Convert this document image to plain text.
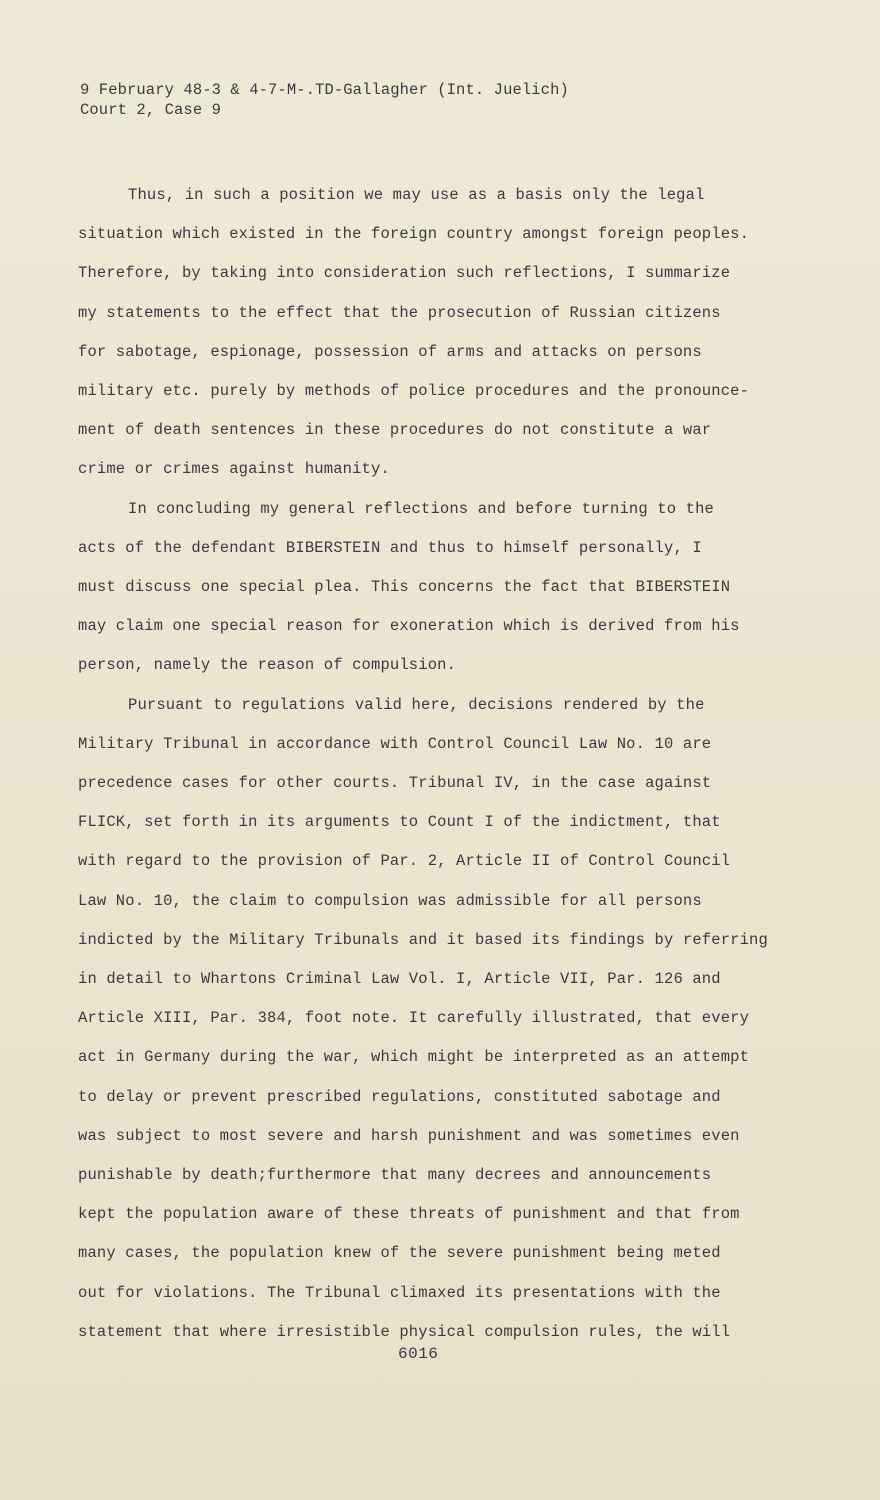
9 February 48-3 & 4-7-M-.TD-Gallagher (Int. Juelich)
Court 2, Case 9
Thus, in such a position we may use as a basis only the legal
situation which existed in the foreign country amongst foreign peoples.
Therefore, by taking into consideration such reflections, I summarize
my statements to the effect that the prosecution of Russian citizens
for sabotage, espionage, possession of arms and attacks on persons
military etc. purely by methods of police procedures and the pronounce-
ment of death sentences in these procedures do not constitute a war
crime or crimes against humanity.
In concluding my general reflections and before turning to the
acts of the defendant BIBERSTEIN and thus to himself personally, I
must discuss one special plea. This concerns the fact that BIBERSTEIN
may claim one special reason for exoneration which is derived from his
person, namely the reason of compulsion.
Pursuant to regulations valid here, decisions rendered by the
Military Tribunal in accordance with Control Council Law No. 10 are
precedence cases for other courts. Tribunal IV, in the case against
FLICK, set forth in its arguments to Count I of the indictment, that
with regard to the provision of Par. 2, Article II of Control Council
Law No. 10, the claim to compulsion was admissible for all persons
indicted by the Military Tribunals and it based its findings by referring
in detail to Whartons Criminal Law Vol. I, Article VII, Par. 126 and
Article XIII, Par. 384, foot note. It carefully illustrated, that every
act in Germany during the war, which might be interpreted as an attempt
to delay or prevent prescribed regulations, constituted sabotage and
was subject to most severe and harsh punishment and was sometimes even
punishable by death;furthermore that many decrees and announcements
kept the population aware of these threats of punishment and that from
many cases, the population knew of the severe punishment being meted
out for violations. The Tribunal climaxed its presentations with the
statement that where irresistible physical compulsion rules, the will
6016
